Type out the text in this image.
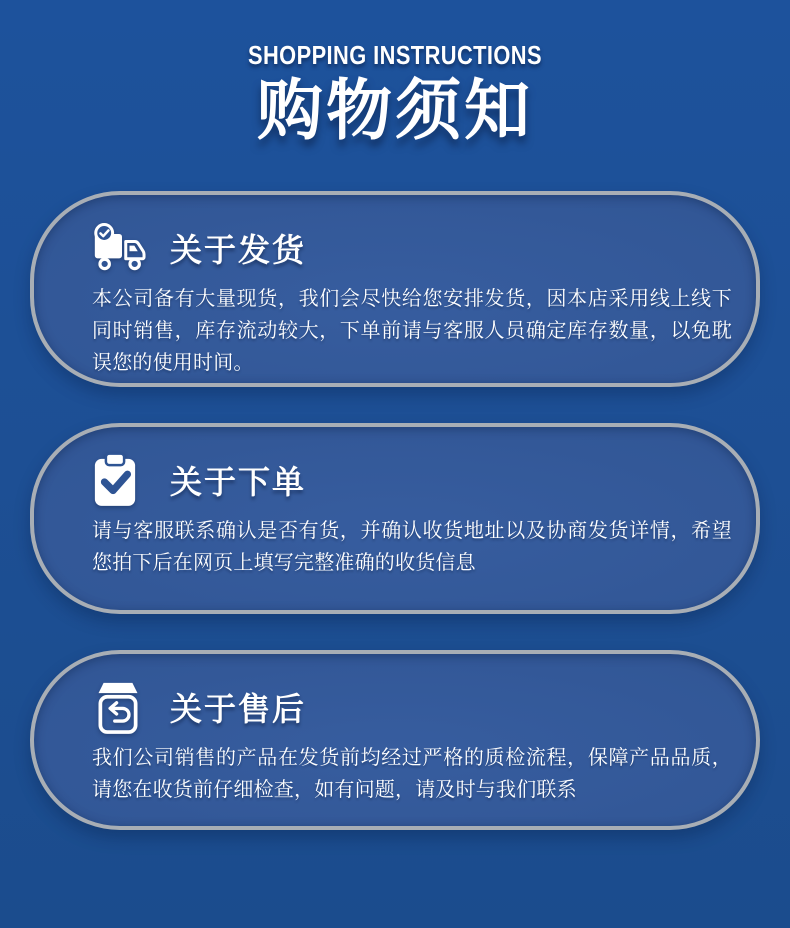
SHOPPING INSTRUCTIONS
购物须知
关于发货
本公司备有大量现货，我们会尽快给您安排发货，因本店采用线上线下同时销售，库存流动较大，下单前请与客服人员确定库存数量，以免耽误您的使用时间。
关于下单
请与客服联系确认是否有货，并确认收货地址以及协商发货详情，希望您拍下后在网页上填写完整准确的收货信息
关于售后
我们公司销售的产品在发货前均经过严格的质检流程，保障产品品质，请您在收货前仔细检查，如有问题，请及时与我们联系
